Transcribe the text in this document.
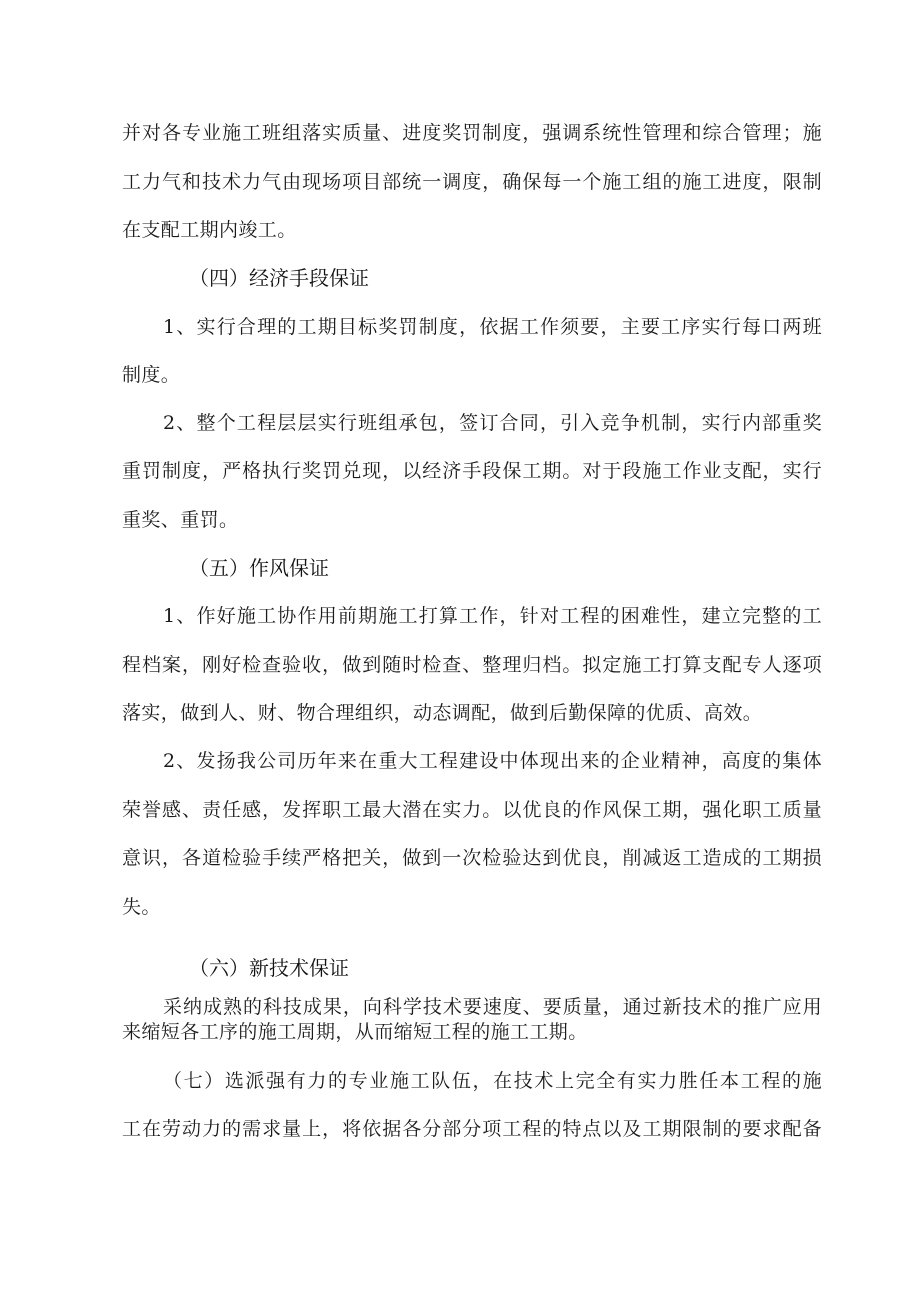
并对各专业施工班组落实质量、进度奖罚制度，强调系统性管理和综合管理；施
工力气和技术力气由现场项目部统一调度，确保每一个施工组的施工进度，限制
在支配工期内竣工。
（四）经济手段保证
1、实行合理的工期目标奖罚制度，依据工作须要，主要工序实行每口两班
制度。
2、整个工程层层实行班组承包，签订合同，引入竞争机制，实行内部重奖
重罚制度，严格执行奖罚兑现，以经济手段保工期。对于段施工作业支配，实行
重奖、重罚。
（五）作风保证
1、作好施工协作用前期施工打算工作，针对工程的困难性，建立完整的工
程档案，刚好检查验收，做到随时检查、整理归档。拟定施工打算支配专人逐项
落实，做到人、财、物合理组织，动态调配，做到后勤保障的优质、高效。
2、发扬我公司历年来在重大工程建设中体现出来的企业精神，高度的集体
荣誉感、责任感，发挥职工最大潜在实力。以优良的作风保工期，强化职工质量
意识，各道检验手续严格把关，做到一次检验达到优良，削减返工造成的工期损
失。
（六）新技术保证
采纳成熟的科技成果，向科学技术要速度、要质量，通过新技术的推广应用
来缩短各工序的施工周期，从而缩短工程的施工工期。
（七）选派强有力的专业施工队伍，在技术上完全有实力胜任本工程的施
工在劳动力的需求量上，将依据各分部分项工程的特点以及工期限制的要求配备
